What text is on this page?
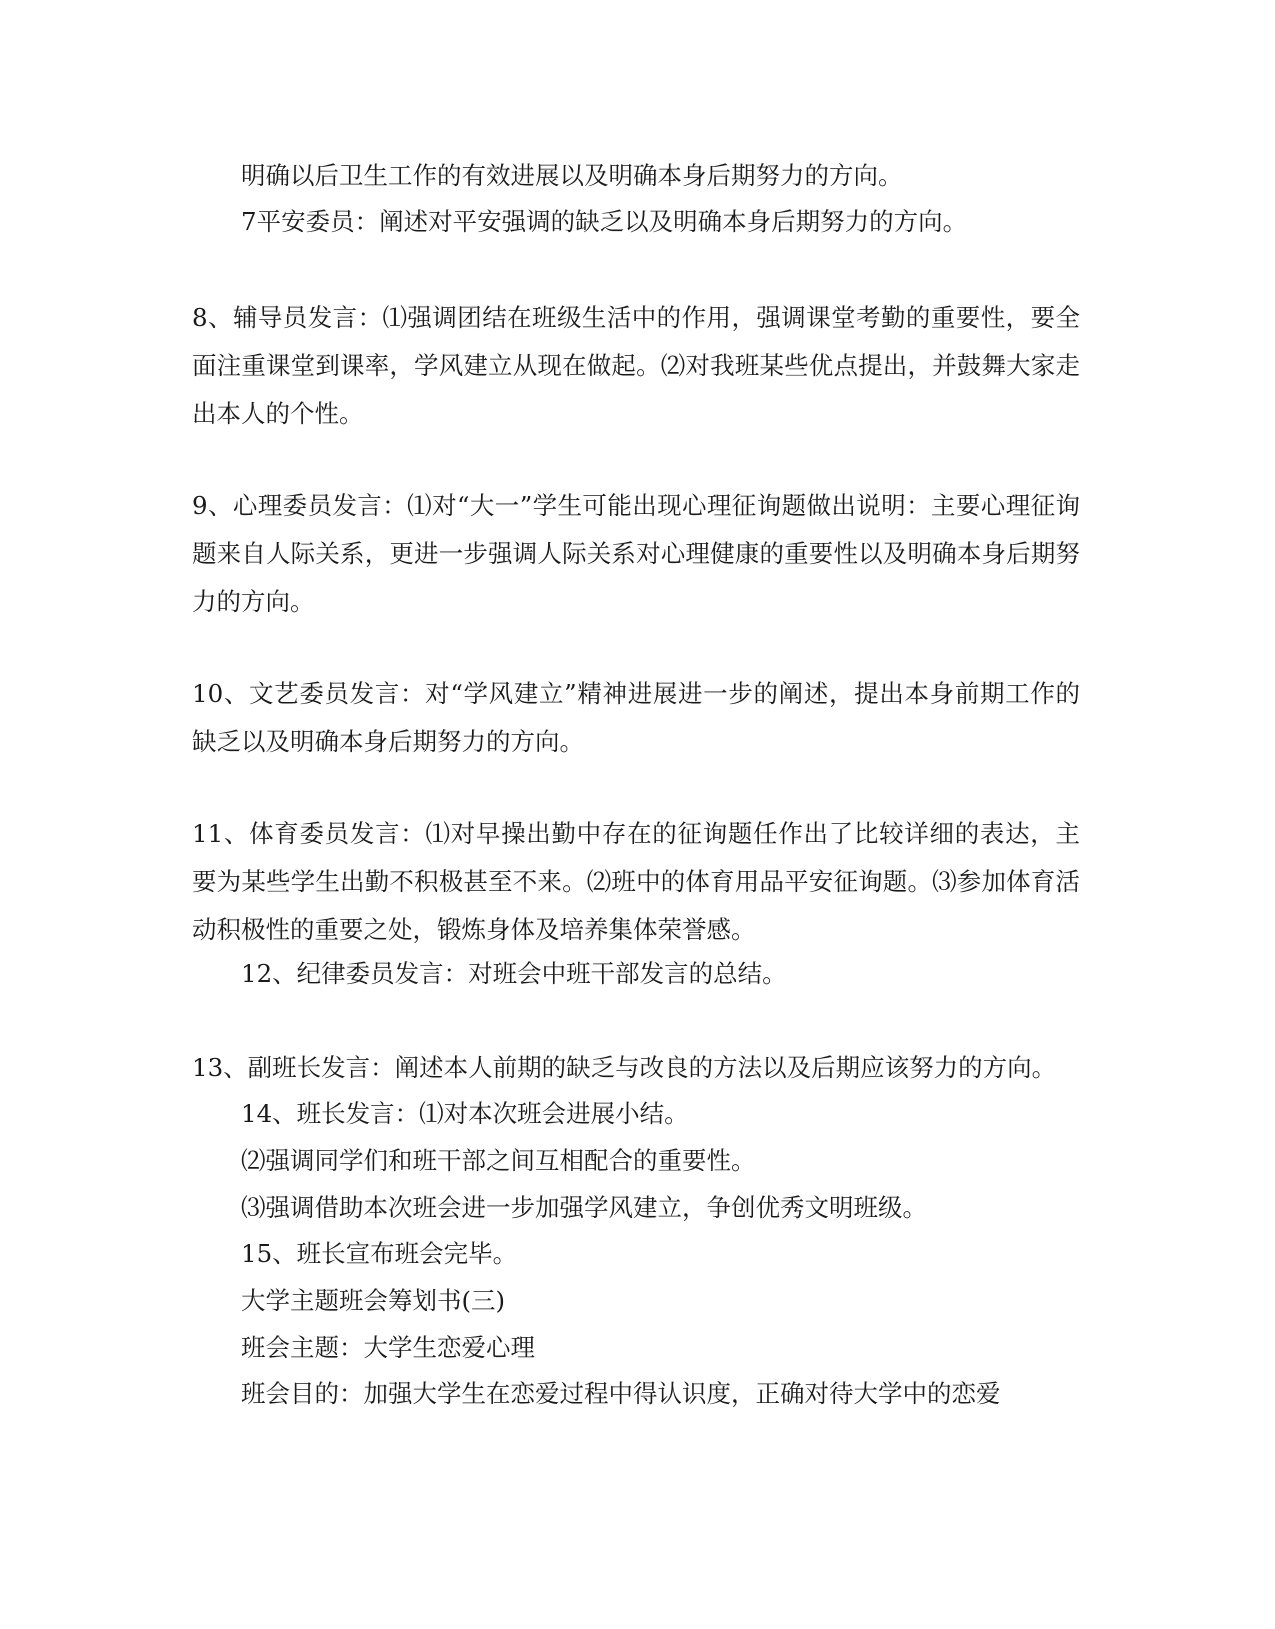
明确以后卫生工作的有效进展以及明确本身后期努力的方向。

7平安委员：阐述对平安强调的缺乏以及明确本身后期努力的方向。

8、辅导员发言：⑴强调团结在班级生活中的作用，强调课堂考勤的重要性，要全面注重课堂到课率，学风建立从现在做起。⑵对我班某些优点提出，并鼓舞大家走出本人的个性。

9、心理委员发言：⑴对“大一”学生可能出现心理征询题做出说明：主要心理征询题来自人际关系，更进一步强调人际关系对心理健康的重要性以及明确本身后期努力的方向。

10、文艺委员发言：对“学风建立”精神进展进一步的阐述，提出本身前期工作的缺乏以及明确本身后期努力的方向。

11、体育委员发言：⑴对早操出勤中存在的征询题任作出了比较详细的表达，主要为某些学生出勤不积极甚至不来。⑵班中的体育用品平安征询题。⑶参加体育活动积极性的重要之处，锻炼身体及培养集体荣誉感。

12、纪律委员发言：对班会中班干部发言的总结。

13、副班长发言：阐述本人前期的缺乏与改良的方法以及后期应该努力的方向。

14、班长发言：⑴对本次班会进展小结。

⑵强调同学们和班干部之间互相配合的重要性。

⑶强调借助本次班会进一步加强学风建立，争创优秀文明班级。

15、班长宣布班会完毕。

大学主题班会筹划书(三)

班会主题：大学生恋爱心理

班会目的：加强大学生在恋爱过程中得认识度，正确对待大学中的恋爱
